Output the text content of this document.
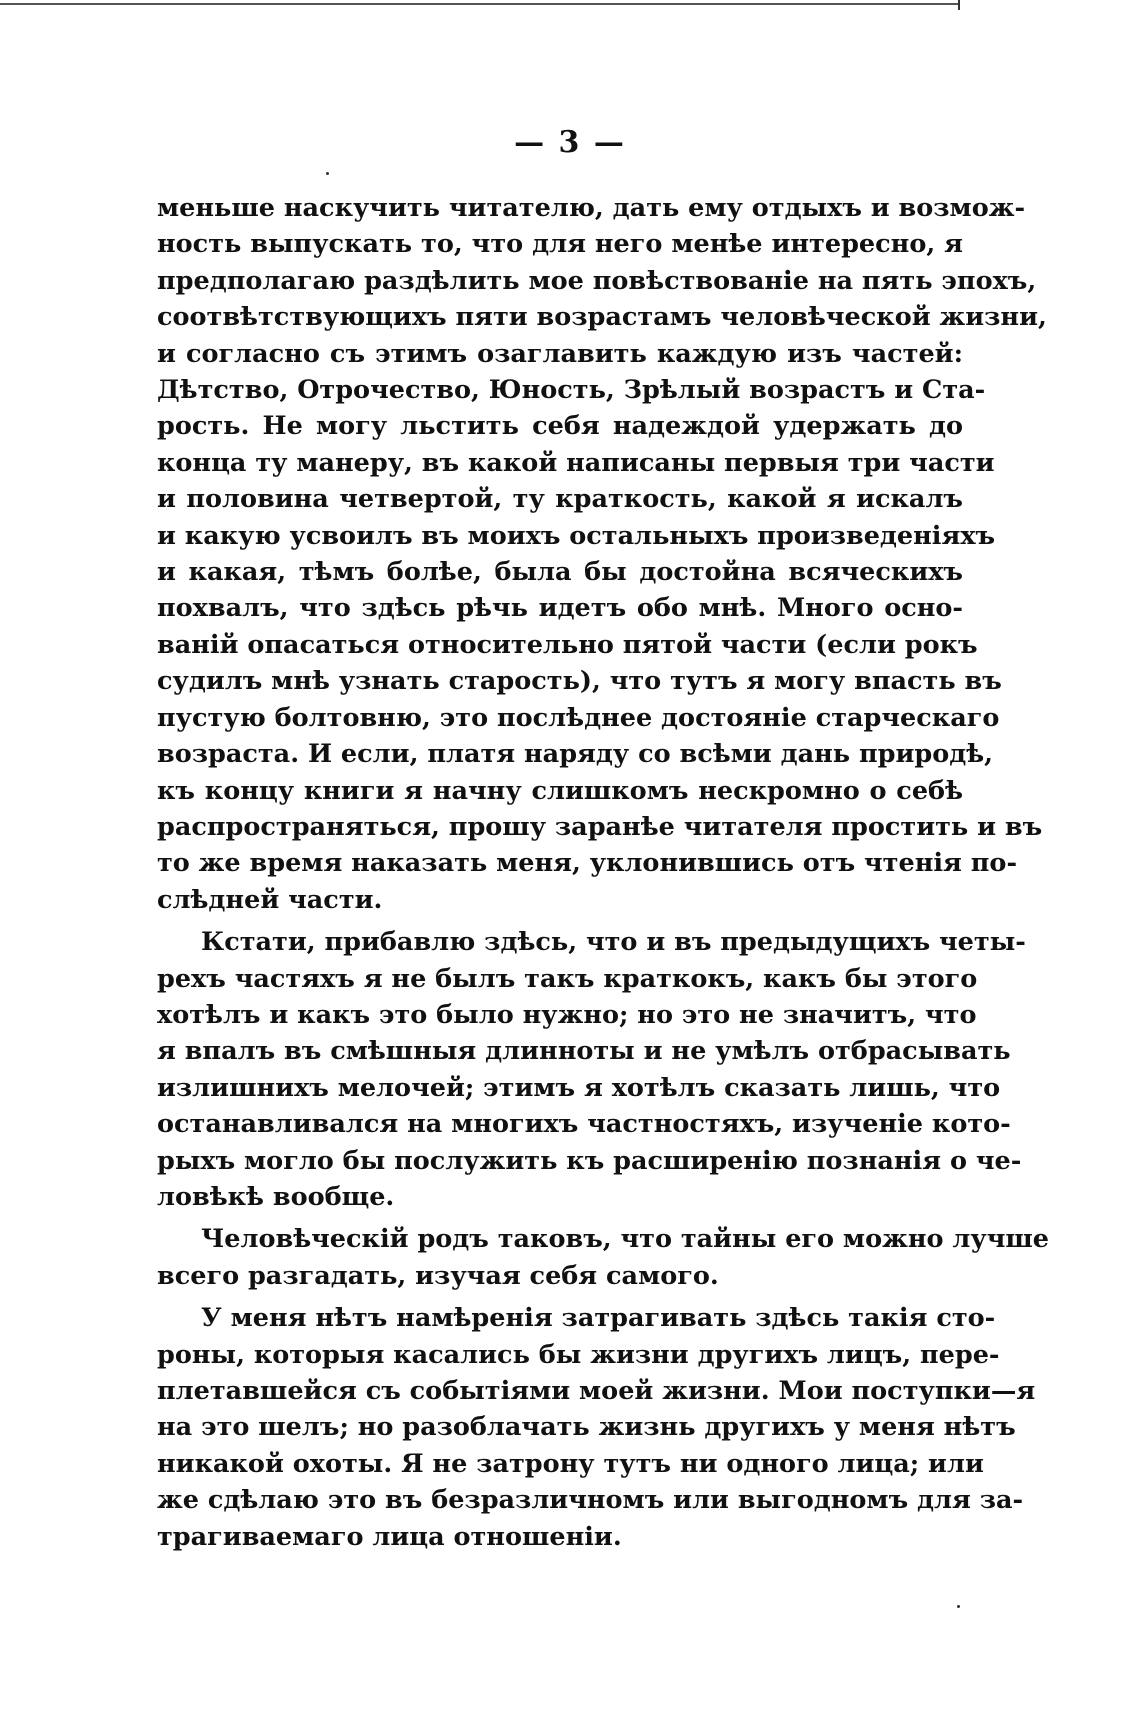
— 3 —
меньше наскучить читателю, дать ему отдыхъ и возмож-
ность выпускать то, что для него менѣе интересно, я
предполагаю раздѣлить мое повѣствованіе на пять эпохъ,
соотвѣтствующихъ пяти возрастамъ человѣческой жизни,
и согласно съ этимъ озаглавить каждую изъ частей:
Дѣтство, Отрочество, Юность, Зрѣлый возрастъ и Ста-
рость. Не могу льстить себя надеждой удержать до
конца ту манеру, въ какой написаны первыя три части
и половина четвертой, ту краткость, какой я искалъ
и какую усвоилъ въ моихъ остальныхъ произведеніяхъ
и какая, тѣмъ болѣе, была бы достойна всяческихъ
похвалъ, что здѣсь рѣчь идетъ обо мнѣ. Много осно-
ваній опасаться относительно пятой части (если рокъ
судилъ мнѣ узнать старость), что тутъ я могу впасть въ
пустую болтовню, это послѣднее достояніе старческаго
возраста. И если, платя наряду со всѣми дань природѣ,
къ концу книги я начну слишкомъ нескромно о себѣ
распространяться, прошу заранѣе читателя простить и въ
то же время наказать меня, уклонившись отъ чтенія по-
слѣдней части.
Кстати, прибавлю здѣсь, что и въ предыдущихъ четы-
рехъ частяхъ я не былъ такъ краткокъ, какъ бы этого
хотѣлъ и какъ это было нужно; но это не значитъ, что
я впалъ въ смѣшныя длинноты и не умѣлъ отбрасывать
излишнихъ мелочей; этимъ я хотѣлъ сказать лишь, что
останавливался на многихъ частностяхъ, изученіе кото-
рыхъ могло бы послужить къ расширенію познанія о че-
ловѣкѣ вообще.
Человѣческій родъ таковъ, что тайны его можно лучше
всего разгадать, изучая себя самого.
У меня нѣтъ намѣренія затрагивать здѣсь такія сто-
роны, которыя касались бы жизни другихъ лицъ, пере-
плетавшейся съ событіями моей жизни. Мои поступки—я
на это шелъ; но разоблачать жизнь другихъ у меня нѣтъ
никакой охоты. Я не затрону тутъ ни одного лица; или
же сдѣлаю это въ безразличномъ или выгодномъ для за-
трагиваемаго лица отношеніи.
